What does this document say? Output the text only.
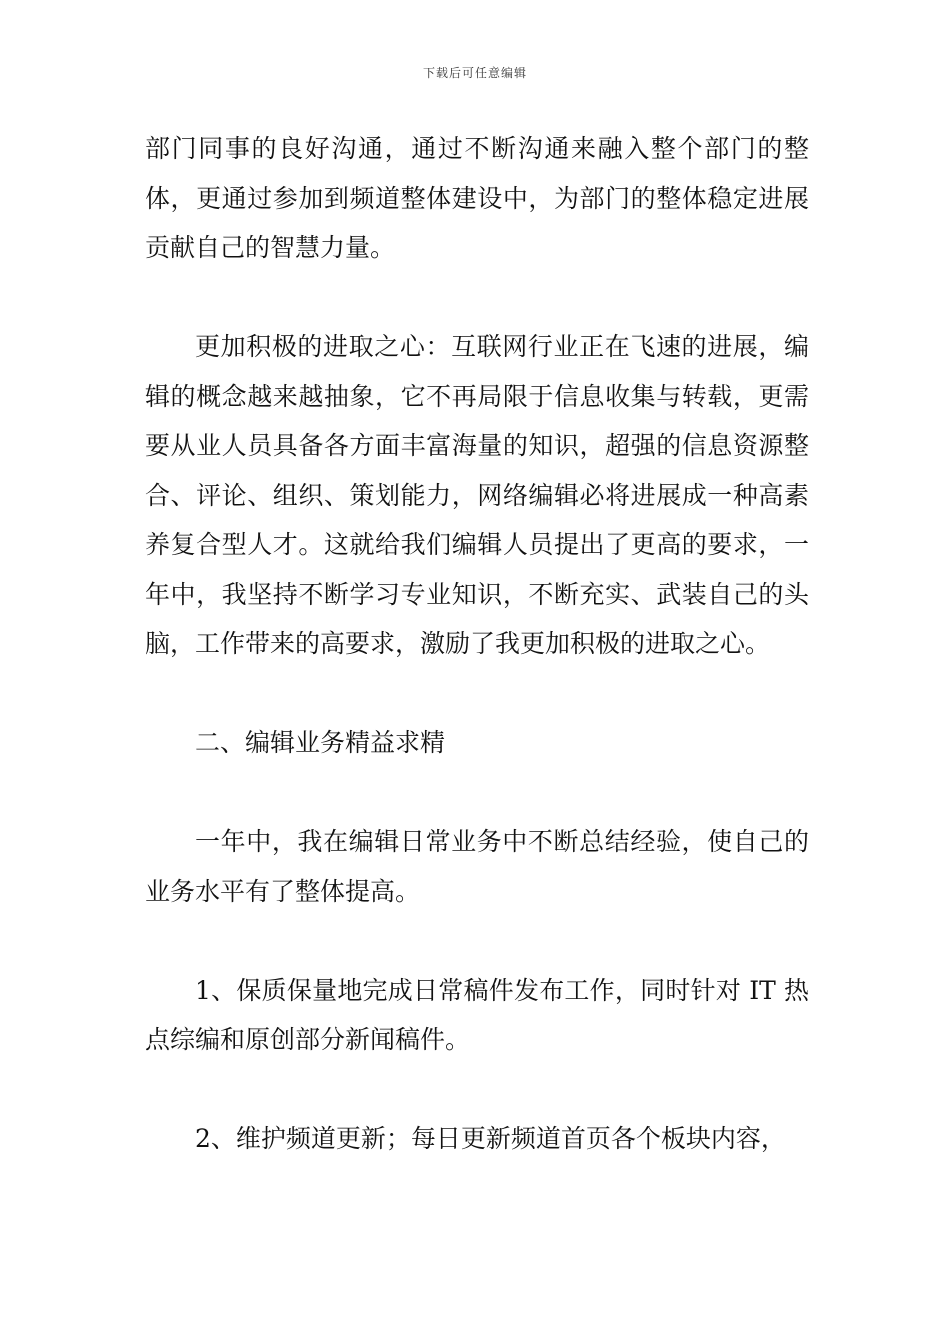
下载后可任意编辑

部门同事的良好沟通，通过不断沟通来融入整个部门的整体，更通过参加到频道整体建设中，为部门的整体稳定进展贡献自己的智慧力量。

更加积极的进取之心：互联网行业正在飞速的进展，编辑的概念越来越抽象，它不再局限于信息收集与转载，更需要从业人员具备各方面丰富海量的知识，超强的信息资源整合、评论、组织、策划能力，网络编辑必将进展成一种高素养复合型人才。这就给我们编辑人员提出了更高的要求，一年中，我坚持不断学习专业知识，不断充实、武装自己的头脑，工作带来的高要求，激励了我更加积极的进取之心。

二、编辑业务精益求精

一年中，我在编辑日常业务中不断总结经验，使自己的业务水平有了整体提高。

1、保质保量地完成日常稿件发布工作，同时针对 IT 热点综编和原创部分新闻稿件。

2、维护频道更新；每日更新频道首页各个板块内容，
